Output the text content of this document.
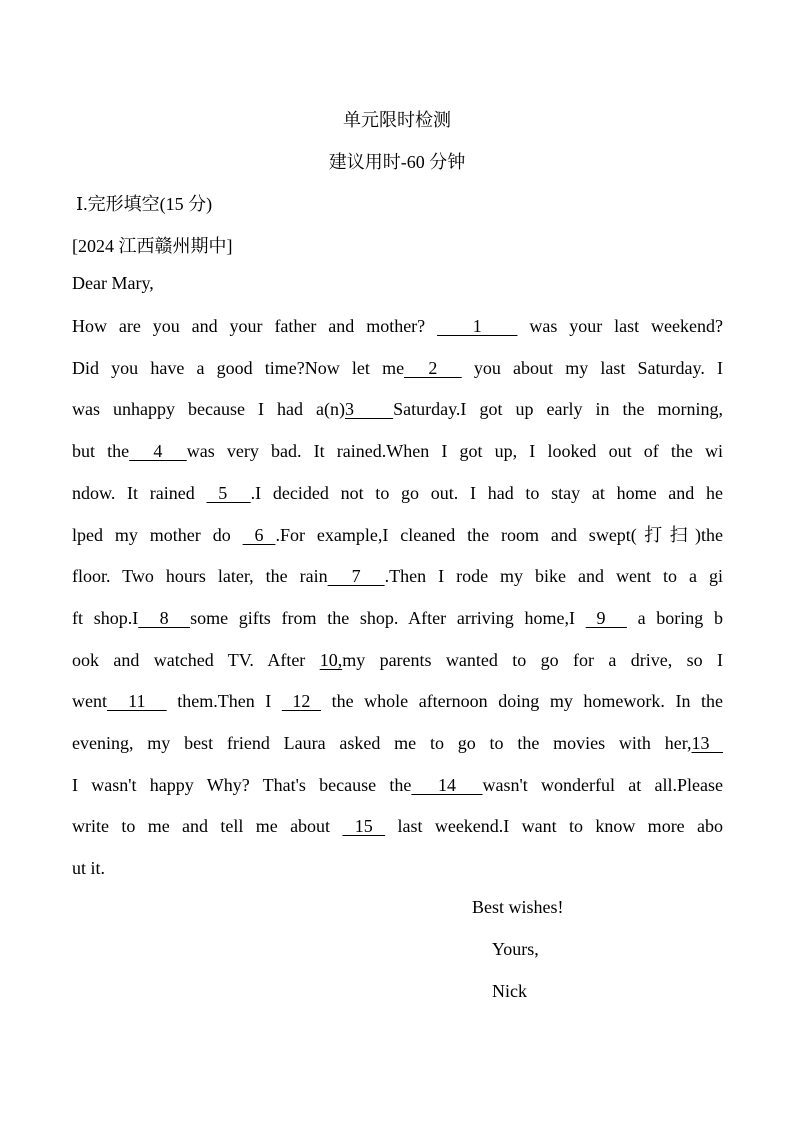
单元限时检测
建议用时-60 分钟
Ⅰ.完形填空(15 分)
[2024 江西赣州期中]
Dear Mary,
How are you and your father and mother?    1    was your last weekend?
Did you have a good time?Now let me  2   you about my last Saturday. I
was unhappy because I had a(n)3   Saturday.I got up early in the morning,
but the  4  was very bad. It rained.When I got up, I looked out of the wi
ndow. It rained  5  .I decided not to go out. I had to stay at home and he
lped my mother do  6 .For example,I cleaned the room and swept(打扫)the
floor. Two hours later, the rain  7  .Then I rode my bike and went to a gi
ft shop.I  8  some gifts from the shop. After arriving home,I  9   a boring b
ook and watched TV. After 10,my parents wanted to go for a drive, so I
went  11   them.Then I  12  the whole afternoon doing my homework. In the
evening, my best friend Laura asked me to go to the movies with her,13
I wasn't happy Why? That's because the  14  wasn't wonderful at all.Please
write to me and tell me about  15  last weekend.I want to know more abo
ut it.
Best wishes!
Yours,
Nick
